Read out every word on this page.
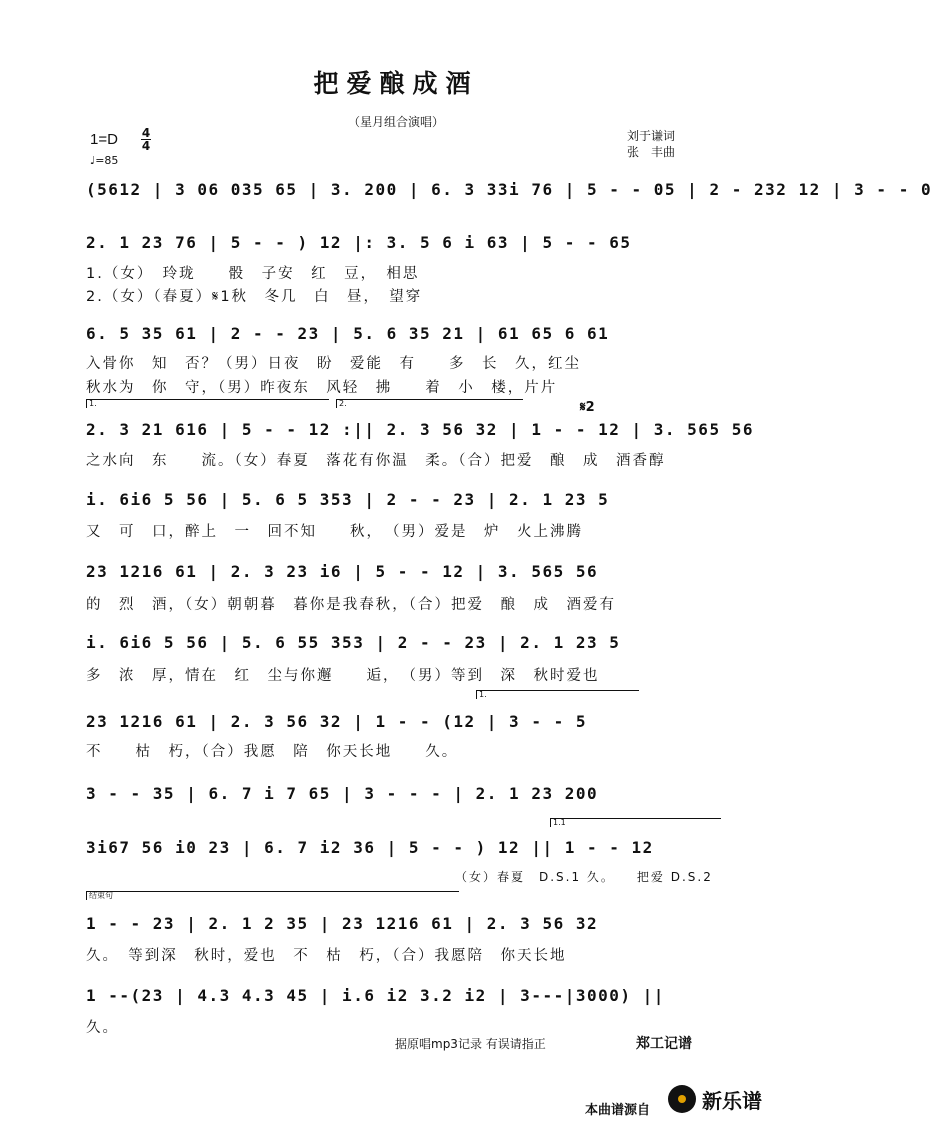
把爱酿成酒
（星月组合演唱）
1=D 4
4
♩=85
刘于谦词
张　丰曲
(5612 | 3 06 035 65 | 3. 200 | 6. 3 33i 76 | 5 - - 05 | 2 - 232 12 | 3 - - 0
2. 1 23 76 | 5 - - ) 12 |: 3. 5 6 i 63 | 5 - - 65
1.（女）　玲珑　　骰　子安　红　豆，　相思
2.（女）（春夏）𝄋1秋　冬几　白　昼，　望穿
6. 5 35 61 | 2 - - 23 | 5. 6 35 21 | 61 65 6 61
入骨你　知　否？（男）日夜　盼　爱能　有　　多　长　久，红尘
秋水为　你　守，（男）昨夜东　风轻　拂　　着　小　楼，片片
1.	2.	𝄋2
2. 3 21 616 | 5 - - 12 :|| 2. 3 56 32 | 1 - - 12 | 3. 565 56
之水向　东　　流。（女）春夏　落花有你温　柔。（合）把爱　酿　成　酒香醇
i. 6i6 5 56 | 5. 6 5 353 | 2 - - 23 | 2. 1 23 5
又　可　口，醉上　一　回不知　　秋，　（男）爱是　炉　火上沸腾
23 1216 61 | 2. 3 23 i6 | 5 - - 12 | 3. 565 56
的　烈　酒，（女）朝朝暮　暮你是我春秋，（合）把爱　酿　成　酒爱有
i. 6i6 5 56 | 5. 6 55 353 | 2 - - 23 | 2. 1 23 5
多　浓　厚，情在　红　尘与你邂　　逅，　（男）等到　深　秋时爱也
1.
23 1216 61 | 2. 3 56 32 | 1 - - (12 | 3 - - 5
不　　枯　朽，（合）我愿　陪　你天长地　　久。
3 - - 35 | 6. 7 i 7 65 | 3 - - - | 2. 1 23 200
1.1
3i67 56 i0 23 | 6. 7 i2 36 | 5 - - ) 12 || 1 - - 12
（女）春夏　D.S.1 久。　　把爱 D.S.2
结束句
1 - - 23 | 2. 1 2 35 | 23 1216 61 | 2. 3 56 32
久。　等到深　秋时，爱也　不　枯　朽，（合）我愿陪　你天长地
1 --(23 | 4.3 4.3 45 | i.6 i2 3.2 i2 | 3---|3000) ||
久。
据原唱mp3记录 有误请指正	郑工记谱
本曲谱源自	新乐谱
